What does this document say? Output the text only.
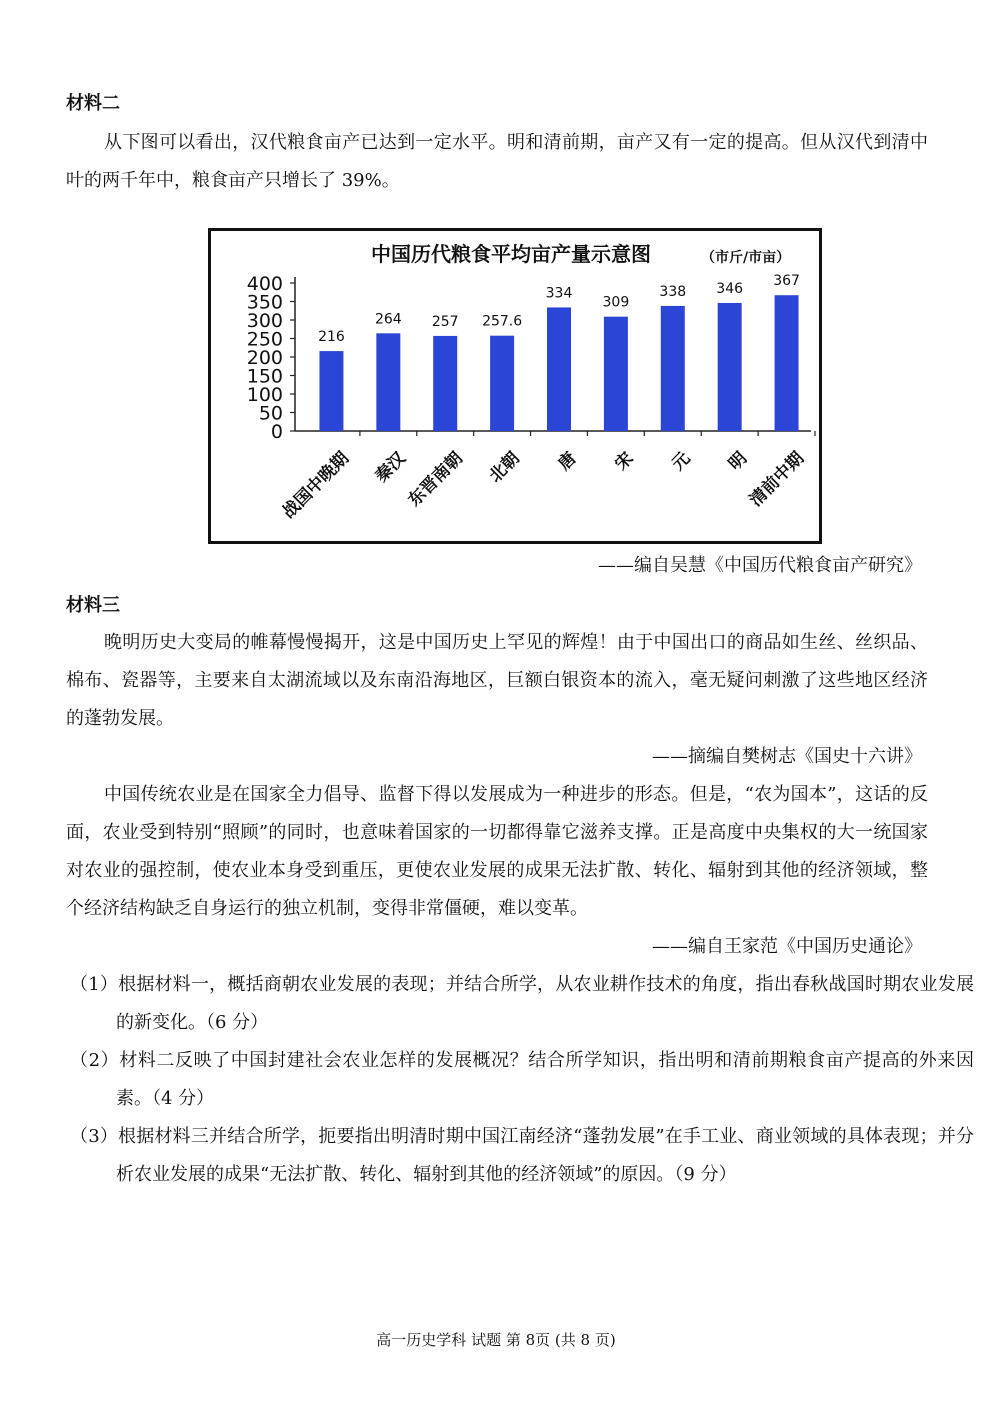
材料二

从下图可以看出，汉代粮食亩产已达到一定水平。明和清前期，亩产又有一定的提高。但从汉代到清中叶的两千年中，粮食亩产只增长了 39%。

中国历代粮食平均亩产量示意图	（市斤/市亩）
400
350
300
250
200
150
100
50
0
216
战国中晚期
264
秦汉
257
东晋南朝
257.6
北朝
334
唐
309
宋
338
元
346
明
367
清前中期
——编自吴慧《中国历代粮食亩产研究》
材料三

晚明历史大变局的帷幕慢慢揭开，这是中国历史上罕见的辉煌！由于中国出口的商品如生丝、丝织品、棉布、瓷器等，主要来自太湖流域以及东南沿海地区，巨额白银资本的流入，毫无疑问刺激了这些地区经济的蓬勃发展。

——摘编自樊树志《国史十六讲》

中国传统农业是在国家全力倡导、监督下得以发展成为一种进步的形态。但是，“农为国本”，这话的反面，农业受到特别“照顾”的同时，也意味着国家的一切都得靠它滋养支撑。正是高度中央集权的大一统国家对农业的强控制，使农业本身受到重压，更使农业发展的成果无法扩散、转化、辐射到其他的经济领域，整个经济结构缺乏自身运行的独立机制，变得非常僵硬，难以变革。

——编自王家范《中国历史通论》

（1）根据材料一，概括商朝农业发展的表现；并结合所学，从农业耕作技术的角度，指出春秋战国时期农业发展的新变化。（6 分）

（2）材料二反映了中国封建社会农业怎样的发展概况？结合所学知识，指出明和清前期粮食亩产提高的外来因素。（4 分）

（3）根据材料三并结合所学，扼要指出明清时期中国江南经济“蓬勃发展”在手工业、商业领域的具体表现；并分析农业发展的成果“无法扩散、转化、辐射到其他的经济领域”的原因。（9 分）

高一历史学科 试题 第 8页 (共 8 页)
